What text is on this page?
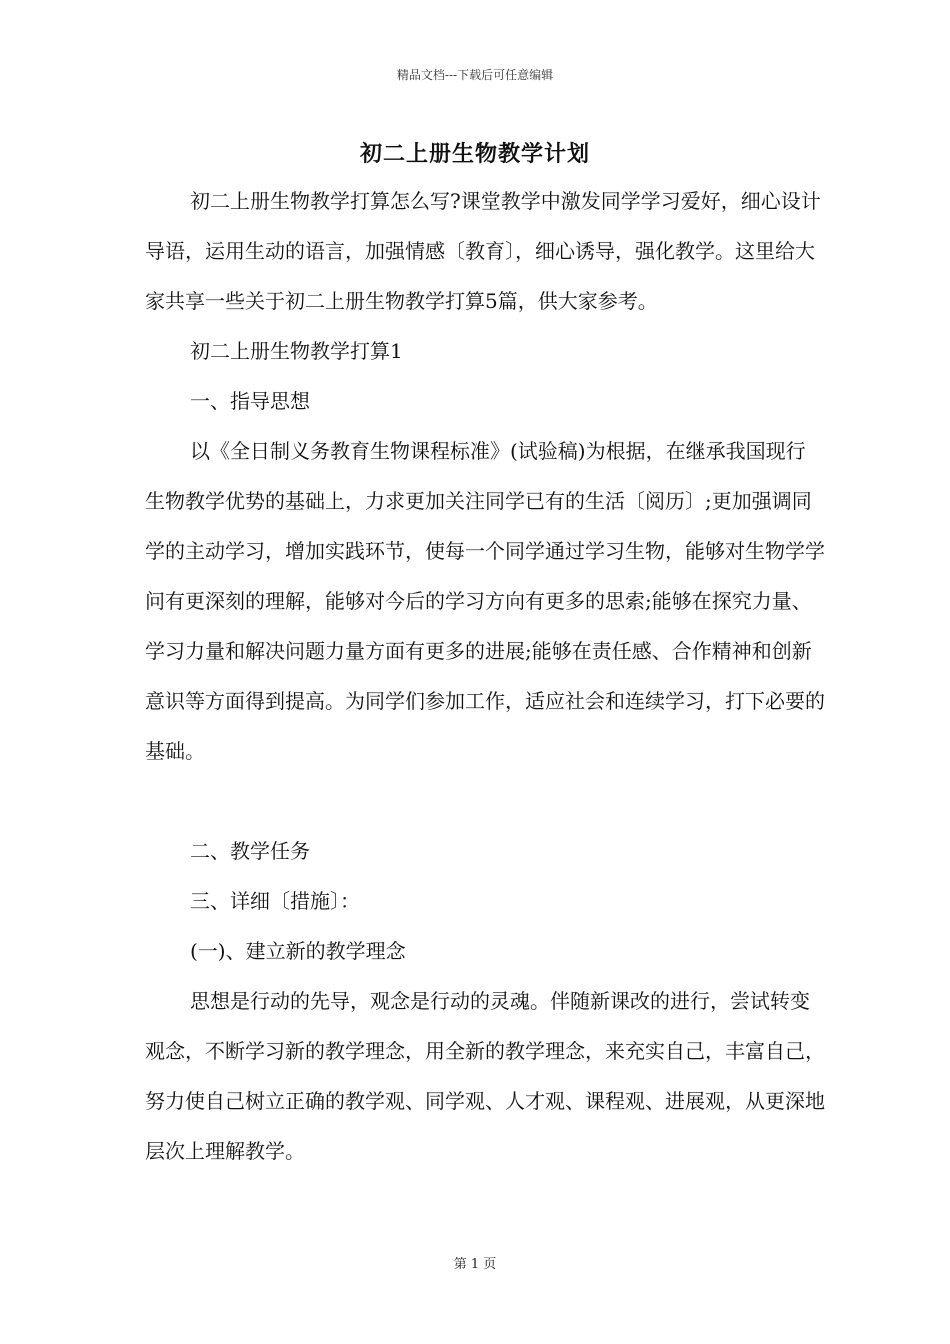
精品文档---下载后可任意编辑
初二上册生物教学计划

初二上册生物教学打算怎么写?课堂教学中激发同学学习爱好，细心设计导语，运用生动的语言，加强情感〔教育〕，细心诱导，强化教学。这里给大家共享一些关于初二上册生物教学打算5篇，供大家参考。

初二上册生物教学打算1

一、指导思想

以《全日制义务教育生物课程标准》(试验稿)为根据，在继承我国现行生物教学优势的基础上，力求更加关注同学已有的生活〔阅历〕;更加强调同学的主动学习，增加实践环节，使每一个同学通过学习生物，能够对生物学学问有更深刻的理解，能够对今后的学习方向有更多的思索;能够在探究力量、学习力量和解决问题力量方面有更多的进展;能够在责任感、合作精神和创新意识等方面得到提高。为同学们参加工作，适应社会和连续学习，打下必要的基础。

二、教学任务

三、详细〔措施〕：

(一)、建立新的教学理念

思想是行动的先导，观念是行动的灵魂。伴随新课改的进行，尝试转变观念，不断学习新的教学理念，用全新的教学理念，来充实自己，丰富自己，努力使自己树立正确的教学观、同学观、人才观、课程观、进展观，从更深地层次上理解教学。

第 1 页
